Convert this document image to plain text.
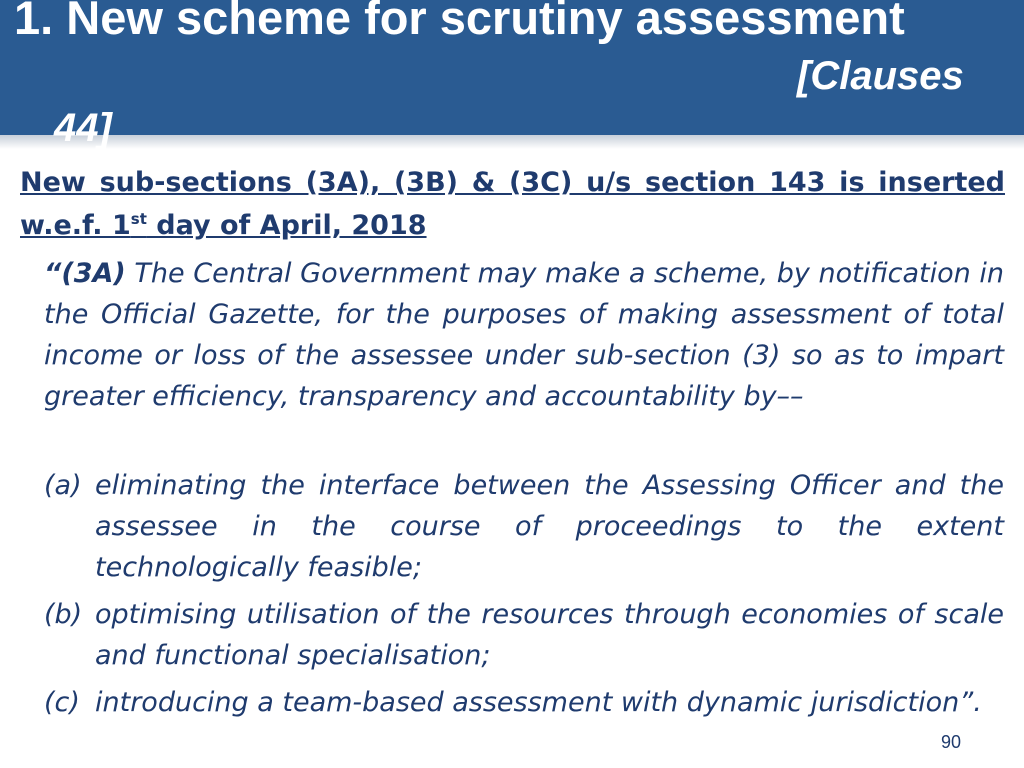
1. New scheme for scrutiny assessment
[Clauses
44]
New sub-sections (3A), (3B) & (3C) u/s section 143 is inserted w.e.f. 1st day of April, 2018
“(3A) The Central Government may make a scheme, by notification in the Official Gazette, for the purposes of making assessment of total income or loss of the assessee under sub-section (3) so as to impart greater efficiency, transparency and accountability by––
(a) eliminating the interface between the Assessing Officer and the assessee in the course of proceedings to the extent technologically feasible;
(b) optimising utilisation of the resources through economies of scale and functional specialisation;
(c) introducing a team-based assessment with dynamic jurisdiction”.
90
